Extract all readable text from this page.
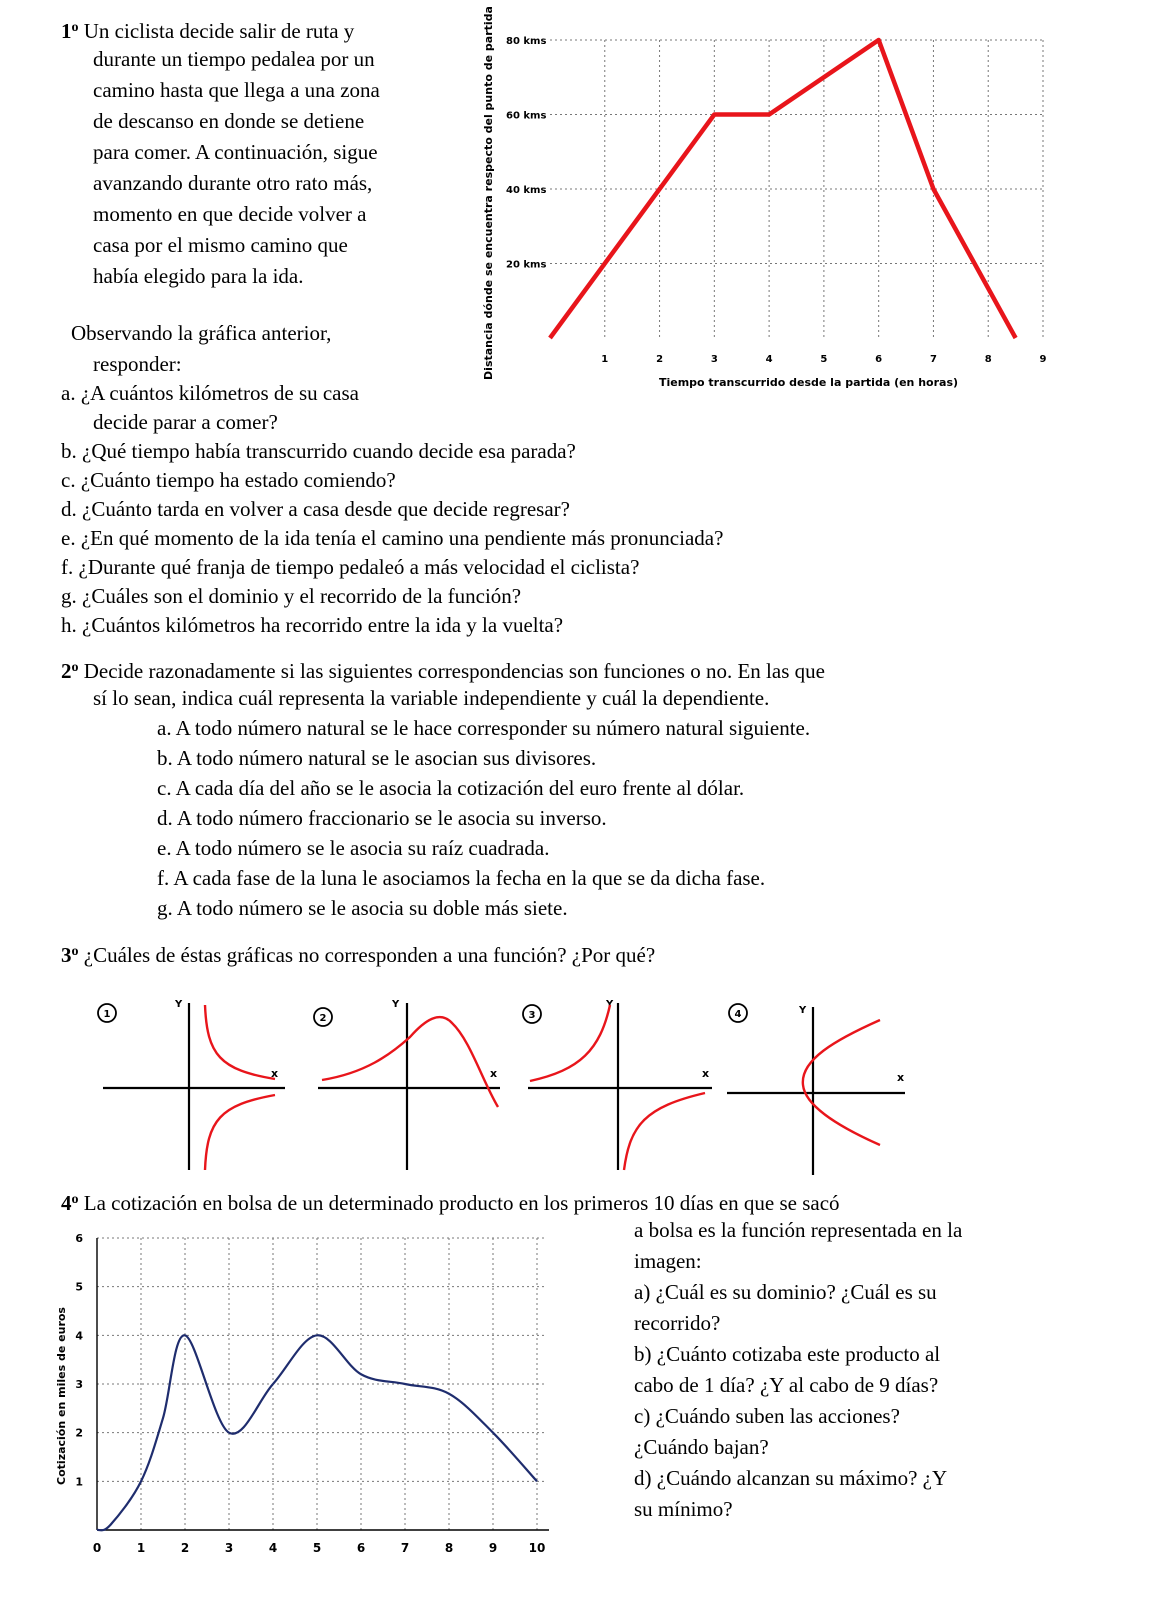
1$^o$ Un ciclista decide salir de ruta y
durante un tiempo pedalea por un
camino hasta que llega a una zona
de descanso en donde se detiene
para comer. A continuación, sigue
avanzando durante otro rato más,
momento en que decide volver a
casa por el mismo camino que
había elegido para la ida.
Observando la gráfica anterior,
responder:
a. ¿A cuántos kilómetros de su casa
decide parar a comer?
b. ¿Qué tiempo había transcurrido cuando decide esa parada?
c. ¿Cuánto tiempo ha estado comiendo?
d. ¿Cuánto tarda en volver a casa desde que decide regresar?
e. ¿En qué momento de la ida tenía el camino una pendiente más pronunciada?
f. ¿Durante qué franja de tiempo pedaleó a más velocidad el ciclista?
g. ¿Cuáles son el dominio y el recorrido de la función?
h. ¿Cuántos kilómetros ha recorrido entre la ida y la vuelta?
20 kms
40 kms
60 kms
80 kms
1	2	3	4	5	6	7	8	9
Tiempo transcurrido desde la partida (en horas)
Distancia dónde se encuentra respecto del punto de partida
2$^o$ Decide razonadamente si las siguientes correspondencias son funciones o no. En las que
sí lo sean, indica cuál representa la variable independiente y cuál la dependiente.
a. A todo número natural se le hace corresponder su número natural siguiente.
b. A todo número natural se le asocian sus divisores.
c. A cada día del año se le asocia la cotización del euro frente al dólar.
d. A todo número fraccionario se le asocia su inverso.
e. A todo número se le asocia su raíz cuadrada.
f. A cada fase de la luna le asociamos la fecha en la que se da dicha fase.
g. A todo número se le asocia su doble más siete.
3$^o$ ¿Cuáles de éstas gráficas no corresponden a una función? ¿Por qué?
1
Y
x
2
Y
x
3
Y
x
4	Y
x
4$^o$ La cotización en bolsa de un determinado producto en los primeros 10 días en que se sacó
a bolsa es la función representada en la
imagen:
a) ¿Cuál es su dominio? ¿Cuál es su
recorrido?
b) ¿Cuánto cotizaba este producto al
cabo de 1 día? ¿Y al cabo de 9 días?
c) ¿Cuándo suben las acciones?
¿Cuándo bajan?
d) ¿Cuándo alcanzan su máximo? ¿Y
su mínimo?
1
2
3
4
5
6
0	1	2	3	4	5	6	7	8	9	10
Cotización en miles de euros
